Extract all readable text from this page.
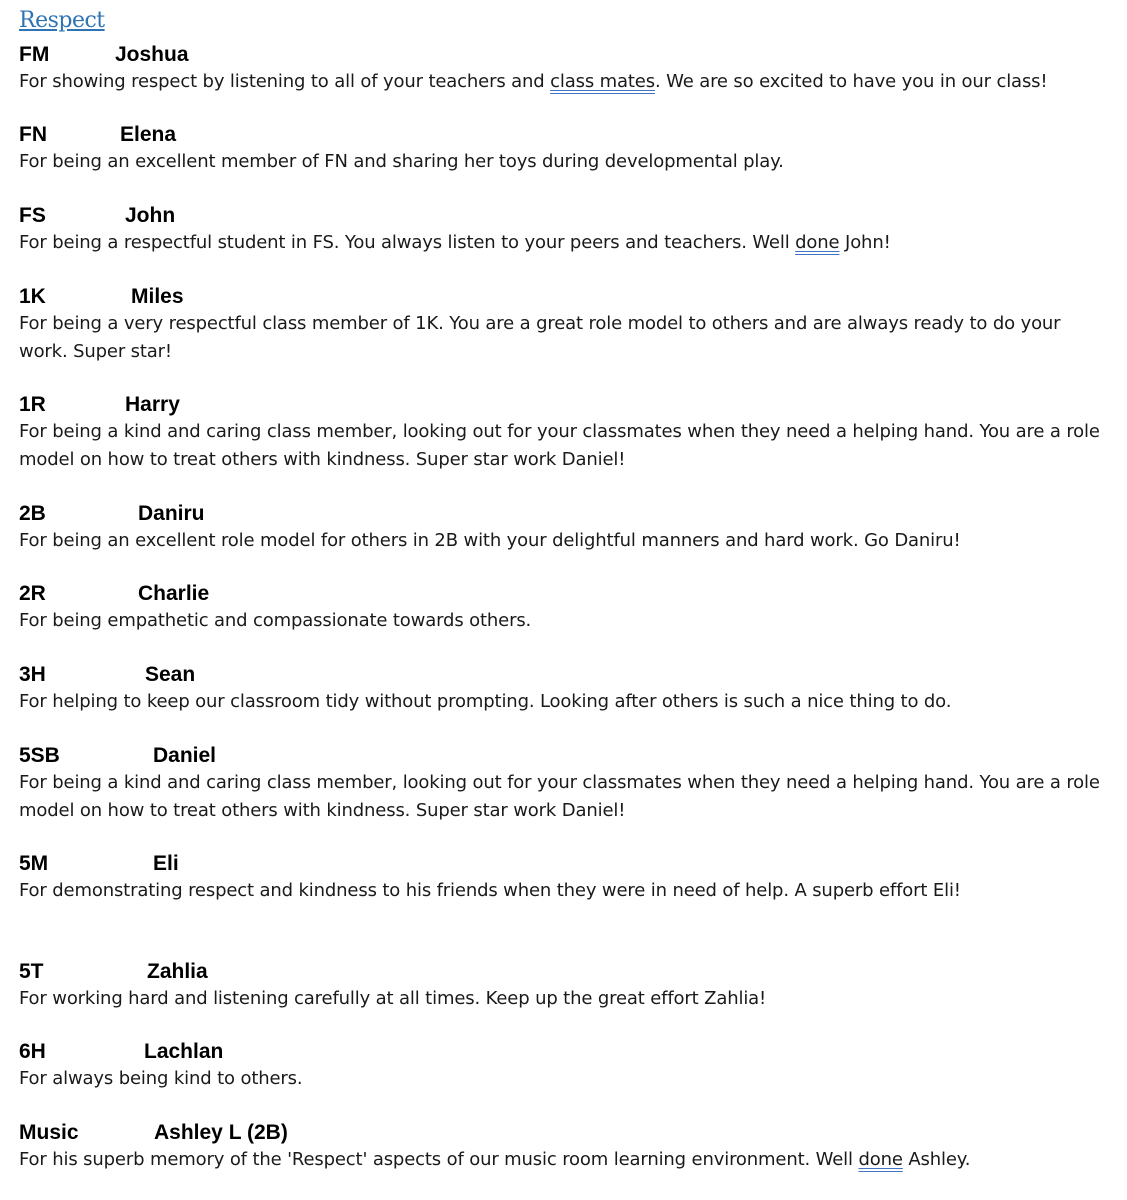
Respect
FM	Joshua
For showing respect by listening to all of your teachers and class mates. We are so excited to have you in our class!
FN	Elena
For being an excellent member of FN and sharing her toys during developmental play.
FS	John
For being a respectful student in FS. You always listen to your peers and teachers. Well done John!
1K	Miles
For being a very respectful class member of 1K. You are a great role model to others and are always ready to do your work. Super star!
1R	Harry
For being a kind and caring class member, looking out for your classmates when they need a helping hand. You are a role model on how to treat others with kindness. Super star work Daniel!
2B	Daniru
For being an excellent role model for others in 2B with your delightful manners and hard work. Go Daniru!
2R	Charlie
For being empathetic and compassionate towards others.
3H	Sean
For helping to keep our classroom tidy without prompting. Looking after others is such a nice thing to do.
5SB	Daniel
For being a kind and caring class member, looking out for your classmates when they need a helping hand. You are a role model on how to treat others with kindness. Super star work Daniel!
5M	Eli
For demonstrating respect and kindness to his friends when they were in need of help. A superb effort Eli!
5T	Zahlia
For working hard and listening carefully at all times. Keep up the great effort Zahlia!
6H	Lachlan
For always being kind to others.
Music	Ashley L (2B)
For his superb memory of the 'Respect' aspects of our music room learning environment. Well done Ashley.
